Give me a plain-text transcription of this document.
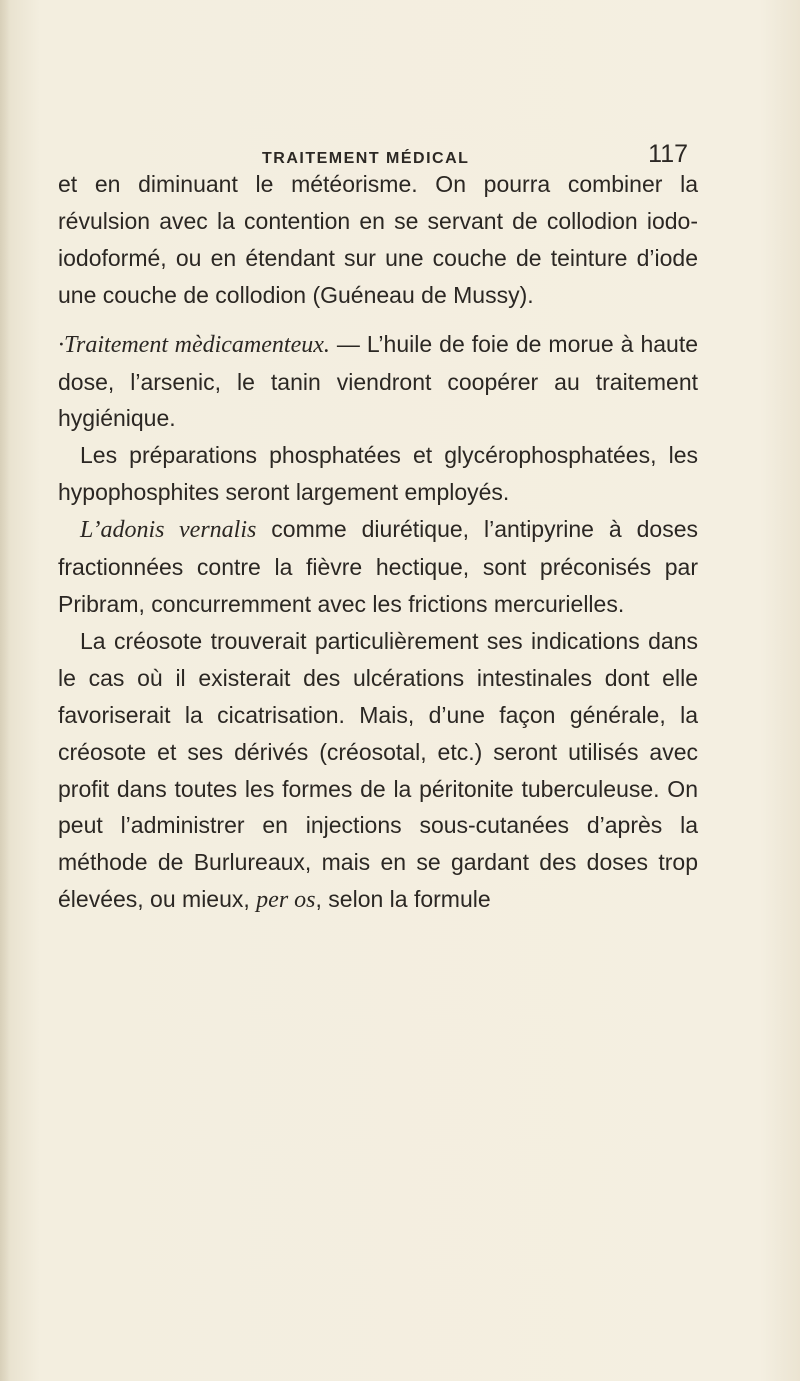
TRAITEMENT MÉDICAL	117

et en diminuant le météorisme. On pourra combiner la révulsion avec la contention en se servant de collodion iodo-iodoformé, ou en étendant sur une couche de teinture d’iode une couche de collodion (Guéneau de Mussy).

·Traitement mèdicamenteux. — L’huile de foie de morue à haute dose, l’arsenic, le tanin viendront coopérer au traitement hygiénique.

Les préparations phosphatées et glycérophosphatées, les hypophosphites seront largement employés.

L’adonis vernalis comme diurétique, l’antipyrine à doses fractionnées contre la fièvre hectique, sont préconisés par Pribram, concurremment avec les frictions mercurielles.

La créosote trouverait particulièrement ses indications dans le cas où il existerait des ulcérations intestinales dont elle favoriserait la cicatrisation. Mais, d’une façon générale, la créosote et ses dérivés (créosotal, etc.) seront utilisés avec profit dans toutes les formes de la péritonite tuberculeuse. On peut l’administrer en injections sous-cutanées d’après la méthode de Burlureaux, mais en se gardant des doses trop élevées, ou mieux, per os, selon la formule
